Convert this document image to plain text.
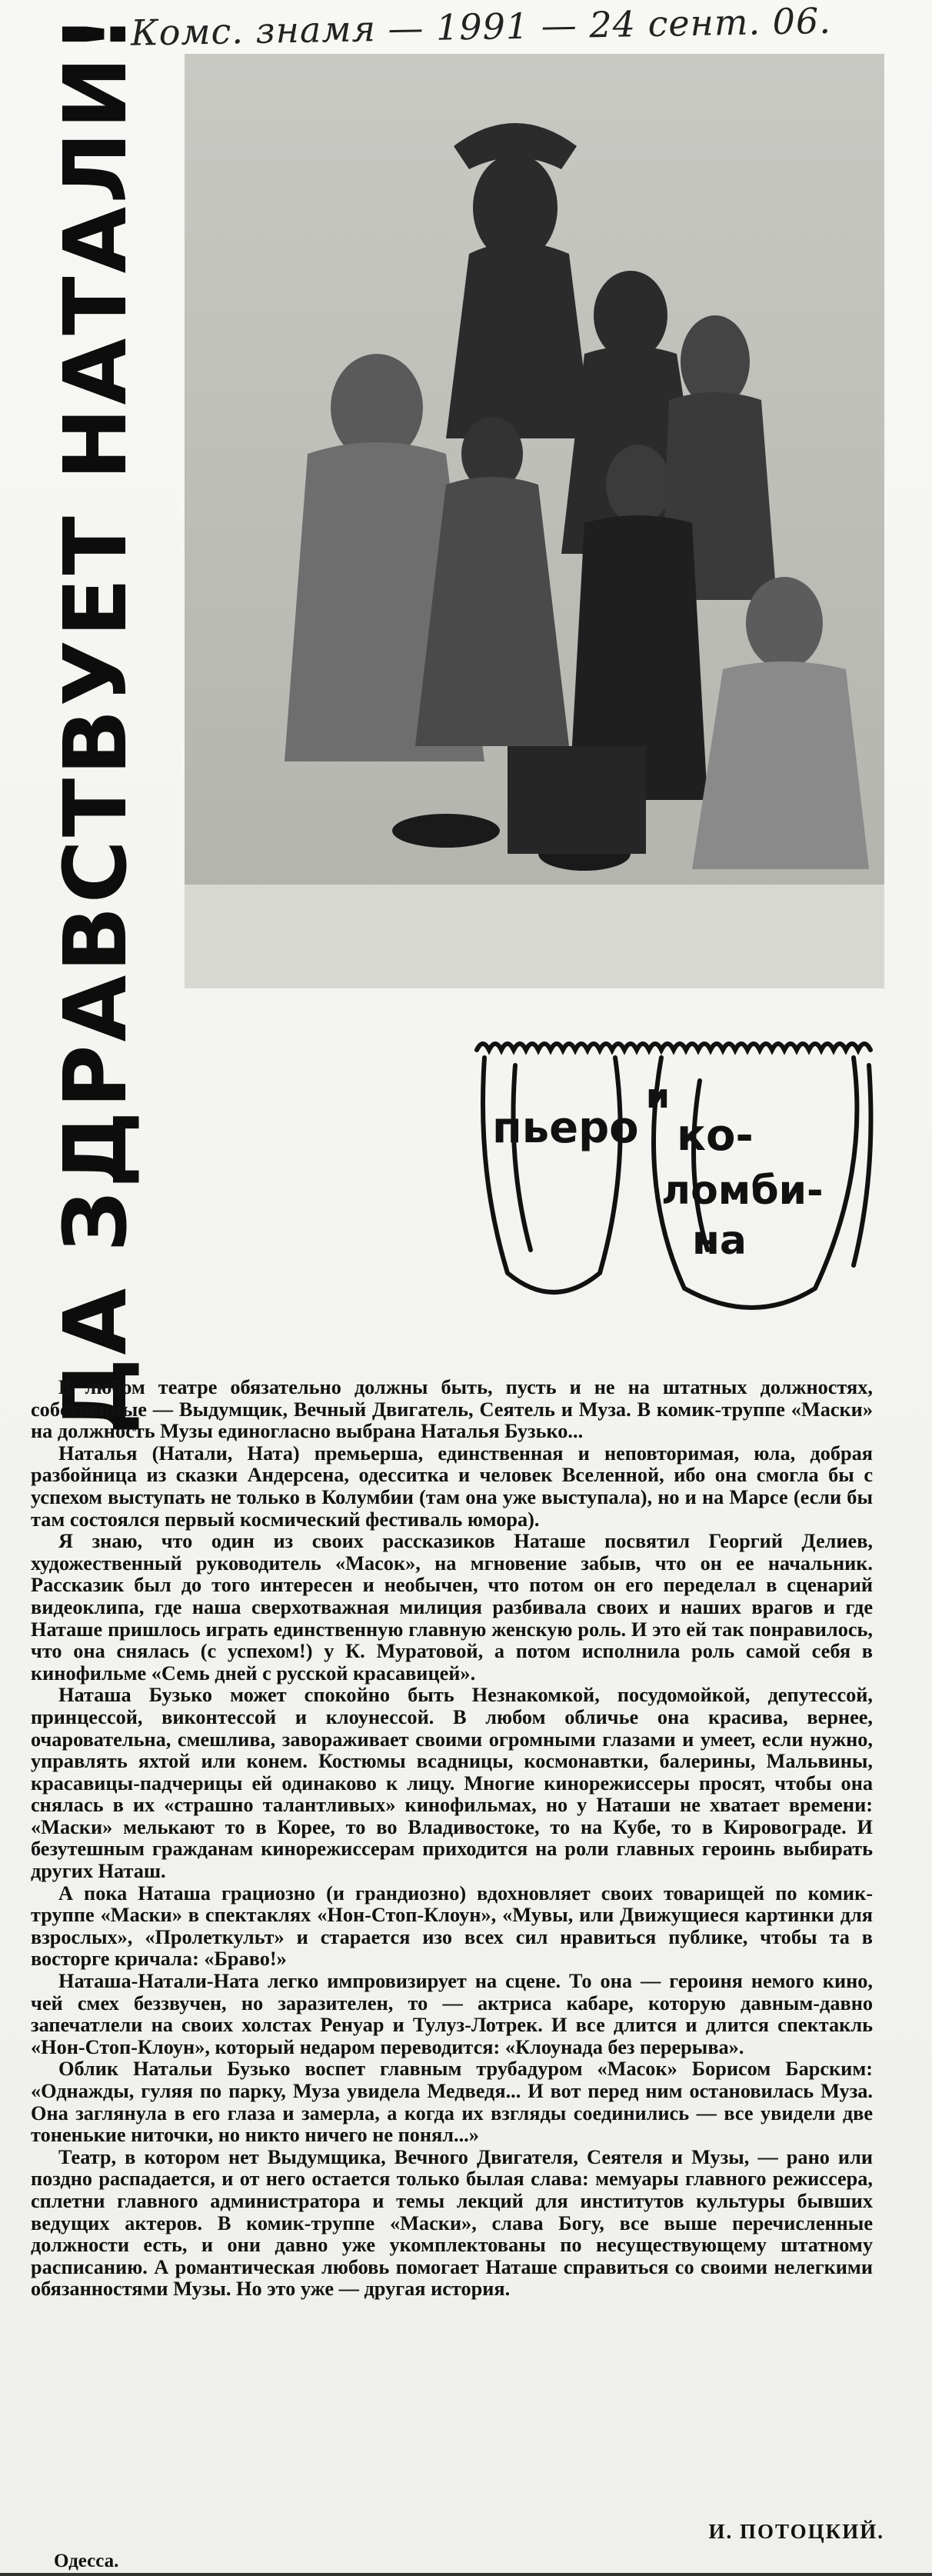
Комс. знамя — 1991 — 24 сент. 06.
ДА ЗДРАВСТВУЕТ НАТАЛИ!	пьеро
и
ко-
ломби-
на

В любом театре обязательно должны быть, пусть и не на штатных должностях, собственные — Выдумщик, Вечный Двигатель, Сеятель и Муза. В комик-труппе «Маски» на должность Музы единогласно выбрана Наталья Бузько...

Наталья (Натали, Ната) премьерша, единственная и неповторимая, юла, добрая разбойница из сказки Андерсена, одесситка и человек Вселенной, ибо она смогла бы с успехом выступать не только в Колумбии (там она уже выступала), но и на Марсе (если бы там состоялся первый космический фестиваль юмора).

Я знаю, что один из своих рассказиков Наташе посвятил Георгий Делиев, художественный руководитель «Масок», на мгновение забыв, что он ее начальник. Рассказик был до того интересен и необычен, что потом он его переделал в сценарий видеоклипа, где наша сверхотважная милиция разбивала своих и наших врагов и где Наташе пришлось играть единственную главную женскую роль. И это ей так понравилось, что она снялась (с успехом!) у К. Муратовой, а потом исполнила роль самой себя в кинофильме «Семь дней с русской красавицей».

Наташа Бузько может спокойно быть Незнакомкой, посудомойкой, депутессой, принцессой, виконтессой и клоунессой. В любом обличье она красива, вернее, очаровательна, смешлива, завораживает своими огромными глазами и умеет, если нужно, управлять яхтой или конем. Костюмы всадницы, космонавтки, балерины, Мальвины, красавицы-падчерицы ей одинаково к лицу. Многие кинорежиссеры просят, чтобы она снялась в их «страшно талантливых» кинофильмах, но у Наташи не хватает времени: «Маски» мелькают то в Корее, то во Владивостоке, то на Кубе, то в Кировограде. И безутешным гражданам кинорежиссерам приходится на роли главных героинь выбирать других Наташ.

А пока Наташа грациозно (и грандиозно) вдохновляет своих товарищей по комик-труппе «Маски» в спектаклях «Нон-Стоп-Клоун», «Мувы, или Движущиеся картинки для взрослых», «Пролеткульт» и старается изо всех сил нравиться публике, чтобы та в восторге кричала: «Браво!»

Наташа-Натали-Ната легко импровизирует на сцене. То она — героиня немого кино, чей смех беззвучен, но заразителен, то — актриса кабаре, которую давным-давно запечатлели на своих холстах Ренуар и Тулуз-Лотрек. И все длится и длится спектакль «Нон-Стоп-Клоун», который недаром переводится: «Клоунада без перерыва».

Облик Натальи Бузько воспет главным трубадуром «Масок» Борисом Барским: «Однажды, гуляя по парку, Муза увидела Медведя... И вот перед ним остановилась Муза. Она заглянула в его глаза и замерла, а когда их взгляды соединились — все увидели две тоненькие ниточки, но никто ничего не понял...»

Театр, в котором нет Выдумщика, Вечного Двигателя, Сеятеля и Музы, — рано или поздно распадается, и от него остается только былая слава: мемуары главного режиссера, сплетни главного администратора и темы лекций для институтов культуры бывших ведущих актеров. В комик-труппе «Маски», слава Богу, все выше перечисленные должности есть, и они давно уже укомплектованы по несуществующему штатному расписанию. А романтическая любовь помогает Наташе справиться со своими нелегкими обязанностями Музы. Но это уже — другая история.

И. ПОТОЦКИЙ.
Одесса.
